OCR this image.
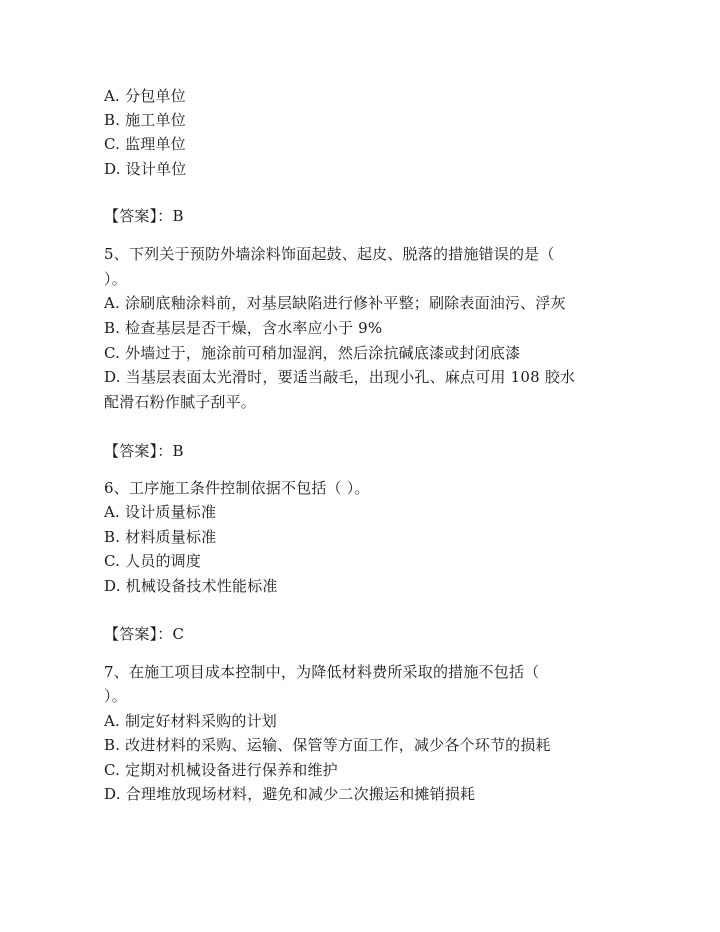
A. 分包单位
B. 施工单位
C. 监理单位
D. 设计单位
【答案】：B
5、下列关于预防外墙涂料饰面起鼓、起皮、脱落的措施错误的是（
）。
A. 涂刷底釉涂料前，对基层缺陷进行修补平整；刷除表面油污、浮灰
B. 检查基层是否干燥，含水率应小于 9%
C. 外墙过于，施涂前可稍加湿润，然后涂抗碱底漆或封闭底漆
D. 当基层表面太光滑时，要适当敲毛，出现小孔、麻点可用 108 胶水
配滑石粉作腻子刮平。
【答案】：B
6、工序施工条件控制依据不包括（ ）。
A. 设计质量标准
B. 材料质量标准
C. 人员的调度
D. 机械设备技术性能标准
【答案】：C
7、在施工项目成本控制中，为降低材料费所采取的措施不包括（
）。
A. 制定好材料采购的计划
B. 改进材料的采购、运输、保管等方面工作，减少各个环节的损耗
C. 定期对机械设备进行保养和维护
D. 合理堆放现场材料，避免和减少二次搬运和摊销损耗
